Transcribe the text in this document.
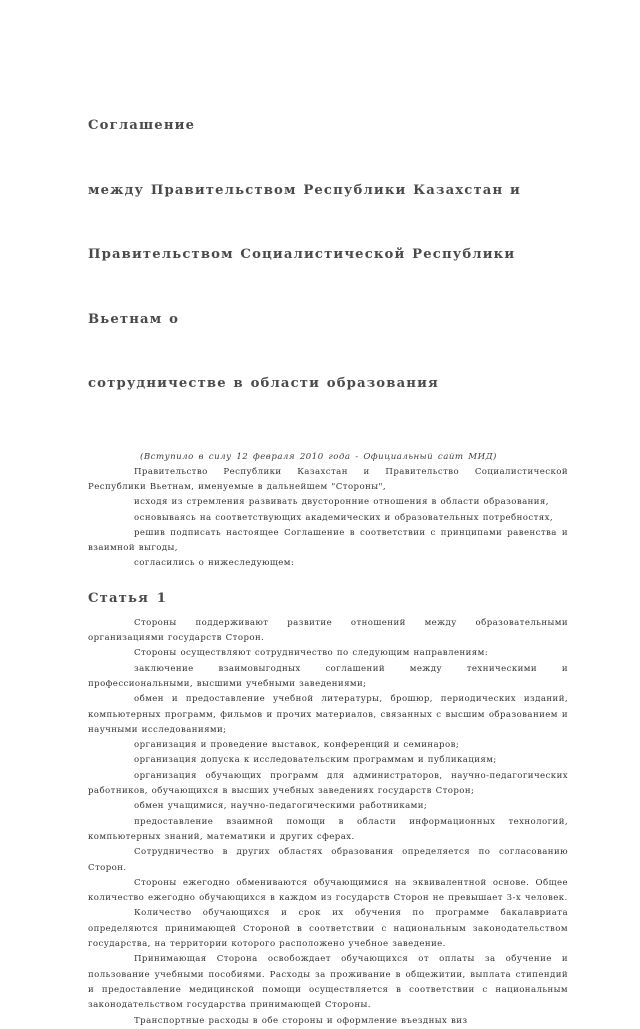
Соглашение

между Правительством Республики Казахстан и

Правительством Социалистической Республики

Вьетнам о

сотрудничестве в области образования

(Вступило в силу 12 февраля 2010 года - Официальный сайт МИД)

Правительство Республики Казахстан и Правительство Социалистической Республики Вьетнам, именуемые в дальнейшем "Стороны",

исходя из стремления развивать двусторонние отношения в области образования,

основываясь на соответствующих академических и образовательных потребностях,

решив подписать настоящее Соглашение в соответствии с принципами равенства и взаимной выгоды,

согласились о нижеследующем:

Статья 1

Стороны поддерживают развитие отношений между образовательными организациями государств Сторон.

Стороны осуществляют сотрудничество по следующим направлениям:

заключение взаимовыгодных соглашений между техническими и профессиональными, высшими учебными заведениями;

обмен и предоставление учебной литературы, брошюр, периодических изданий, компьютерных программ, фильмов и прочих материалов, связанных с высшим образованием и научными исследованиями;

организация и проведение выставок, конференций и семинаров;

организация допуска к исследовательским программам и публикациям;

организация обучающих программ для администраторов, научно-педагогических работников, обучающихся в высших учебных заведениях государств Сторон;

обмен учащимися, научно-педагогическими работниками;

предоставление взаимной помощи в области информационных технологий, компьютерных знаний, математики и других сферах.

Сотрудничество в других областях образования определяется по согласованию Сторон.

Стороны ежегодно обмениваются обучающимися на эквивалентной основе. Общее количество ежегодно обучающихся в каждом из государств Сторон не превышает 3-х человек.

Количество обучающихся и срок их обучения по программе бакалавриата определяются принимающей Стороной в соответствии с национальным законодательством государства, на территории которого расположено учебное заведение.

Принимающая Сторона освобождает обучающихся от оплаты за обучение и пользование учебными пособиями. Расходы за проживание в общежитии, выплата стипендий и предоставление медицинской помощи осуществляется в соответствии с национальным законодательством государства принимающей Стороны.

Транспортные расходы в обе стороны и оформление въездных виз
